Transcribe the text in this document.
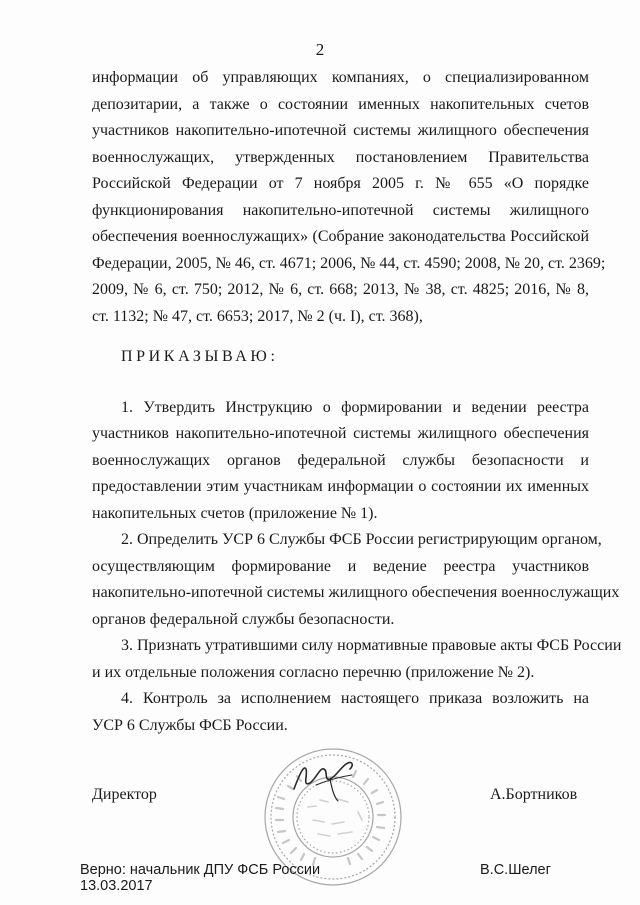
2
информации об управляющих компаниях, о специализированном
депозитарии, а также о состоянии именных накопительных счетов
участников накопительно-ипотечной системы жилищного обеспечения
военнослужащих, утвержденных постановлением Правительства
Российской Федерации от 7 ноября 2005 г. № 655 «О порядке
функционирования накопительно-ипотечной системы жилищного
обеспечения военнослужащих» (Собрание законодательства Российской
Федерации, 2005, № 46, ст. 4671; 2006, № 44, ст. 4590; 2008, № 20, ст. 2369;
2009, № 6, ст. 750; 2012, № 6, ст. 668; 2013, № 38, ст. 4825; 2016, № 8,
ст. 1132; № 47, ст. 6653; 2017, № 2 (ч. I), ст. 368),
ПРИКАЗЫВАЮ:
1. Утвердить Инструкцию о формировании и ведении реестра
участников накопительно-ипотечной системы жилищного обеспечения
военнослужащих органов федеральной службы безопасности и
предоставлении этим участникам информации о состоянии их именных
накопительных счетов (приложение № 1).
2. Определить УСР 6 Службы ФСБ России регистрирующим органом,
осуществляющим формирование и ведение реестра участников
накопительно-ипотечной системы жилищного обеспечения военнослужащих
органов федеральной службы безопасности.
3. Признать утратившими силу нормативные правовые акты ФСБ России
и их отдельные положения согласно перечню (приложение № 2).
4. Контроль за исполнением настоящего приказа возложить на
УСР 6 Службы ФСБ России.
Директор	А.Бортников
Верно: начальник ДПУ ФСБ России
13.03.2017
В.С.Шелег
